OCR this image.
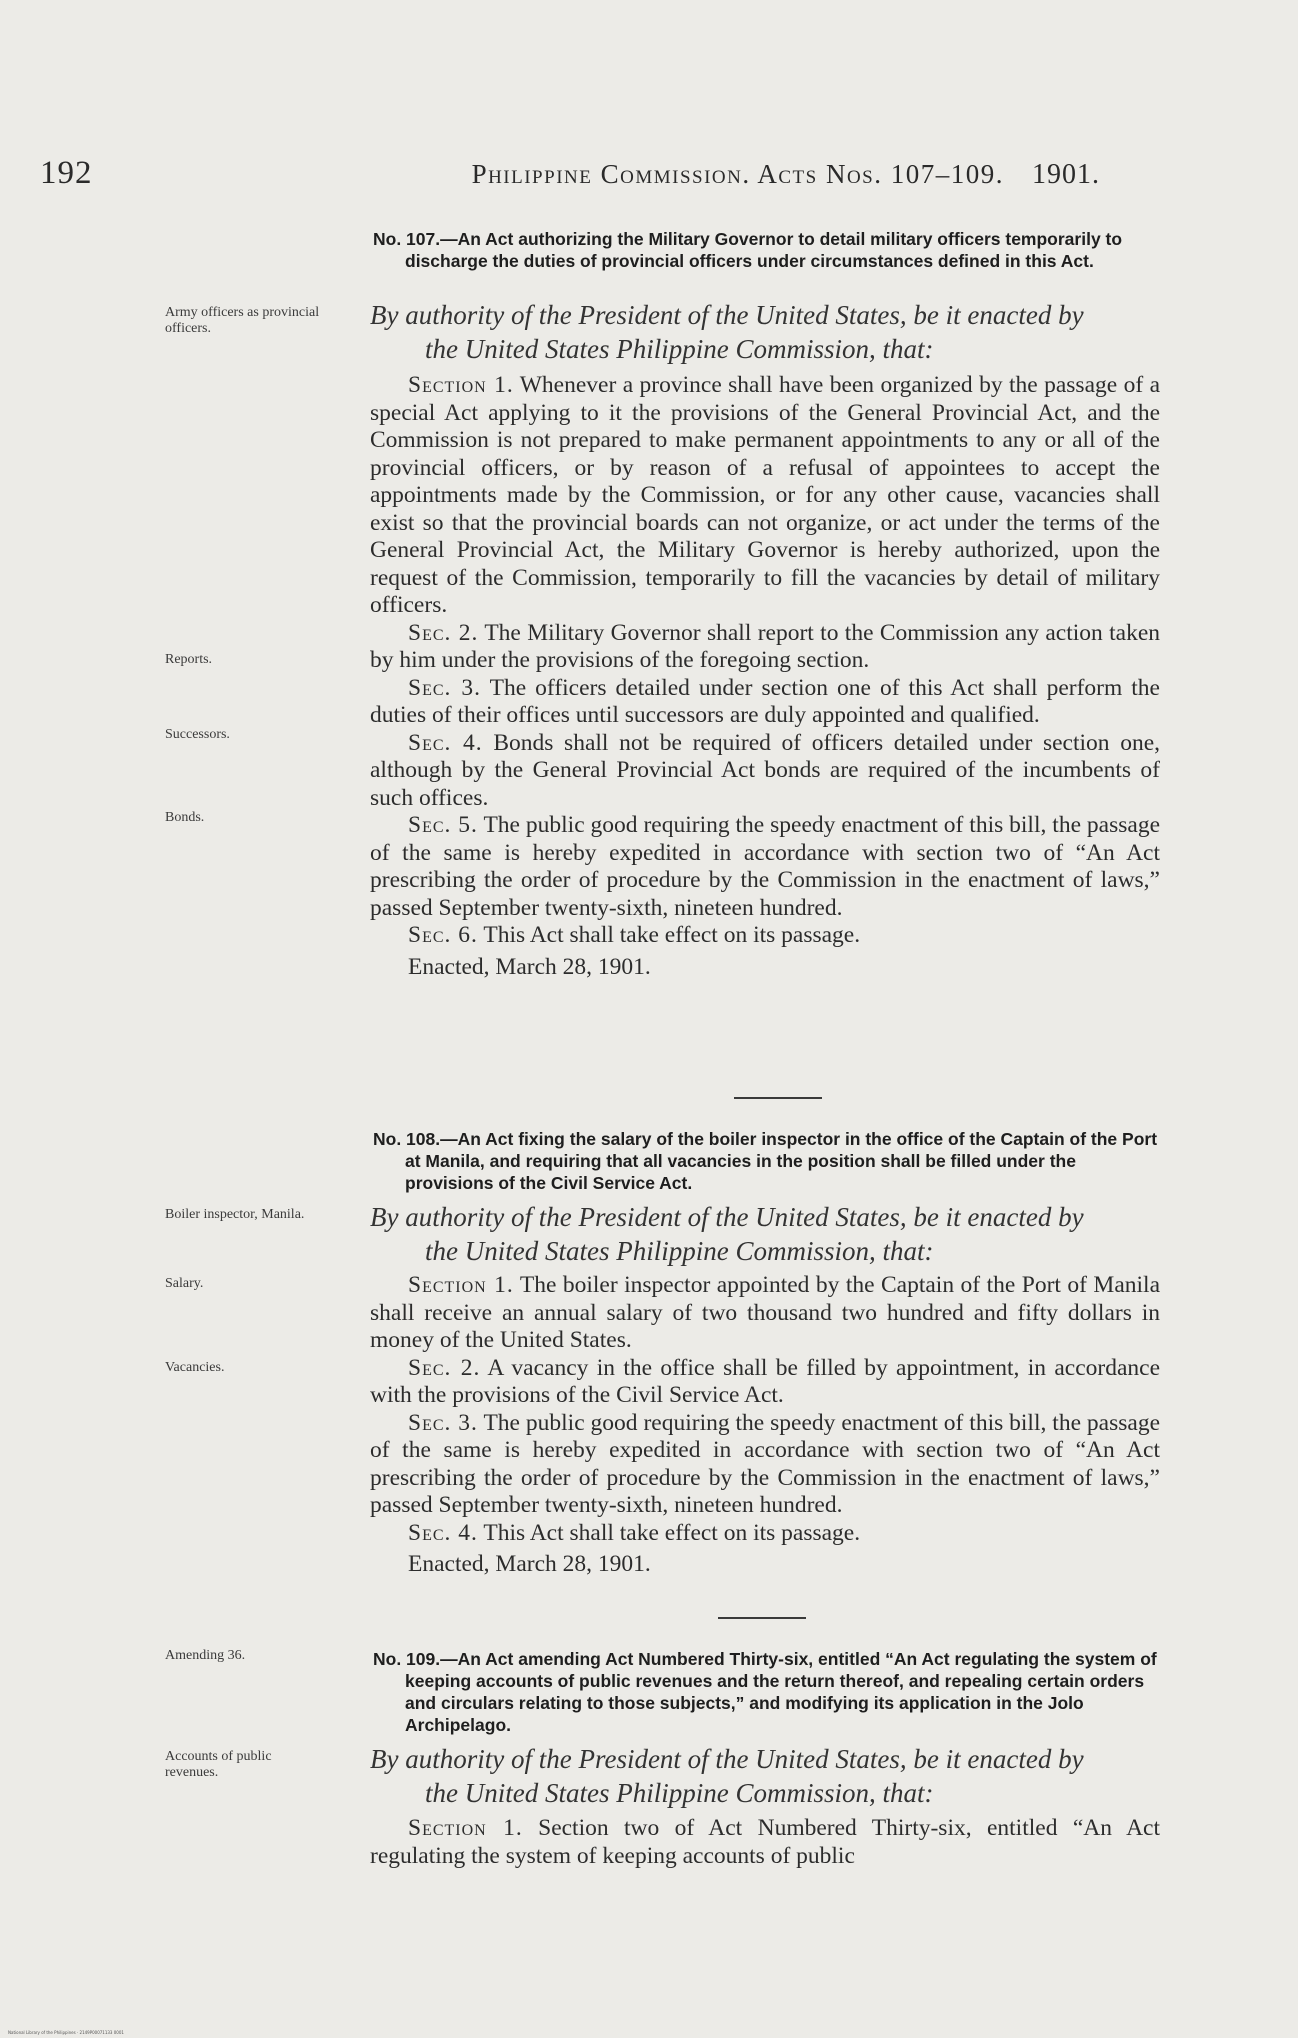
192	Philippine Commission. Acts Nos. 107–109. 1901.
No. 107.—An Act authorizing the Military Governor to detail military officers temporarily to discharge the duties of provincial officers under circumstances defined in this Act.
Army officers as provincial officers.	By authority of the President of the United States, be it enacted by
the United States Philippine Commission, that:
Reports.
Successors.
Bonds.

Section 1. Whenever a province shall have been organized by the passage of a special Act applying to it the provisions of the General Provincial Act, and the Commission is not prepared to make permanent appointments to any or all of the provincial officers, or by reason of a refusal of appointees to accept the appointments made by the Commission, or for any other cause, vacancies shall exist so that the provincial boards can not organize, or act under the terms of the General Provincial Act, the Military Governor is hereby authorized, upon the request of the Commission, temporarily to fill the vacancies by detail of military officers.

Sec. 2. The Military Governor shall report to the Commission any action taken by him under the provisions of the foregoing section.

Sec. 3. The officers detailed under section one of this Act shall perform the duties of their offices until successors are duly appointed and qualified.

Sec. 4. Bonds shall not be required of officers detailed under section one, although by the General Provincial Act bonds are required of the incumbents of such offices.

Sec. 5. The public good requiring the speedy enactment of this bill, the passage of the same is hereby expedited in accordance with section two of “An Act prescribing the order of procedure by the Commission in the enactment of laws,” passed September twenty-sixth, nineteen hundred.

Sec. 6. This Act shall take effect on its passage.

Enacted, March 28, 1901.

No. 108.—An Act fixing the salary of the boiler inspector in the office of the Captain of the Port at Manila, and requiring that all vacancies in the position shall be filled under the provisions of the Civil Service Act.
Boiler inspector, Manila.	By authority of the President of the United States, be it enacted by
the United States Philippine Commission, that:
Salary.
Vacancies.

Section 1. The boiler inspector appointed by the Captain of the Port of Manila shall receive an annual salary of two thousand two hundred and fifty dollars in money of the United States.

Sec. 2. A vacancy in the office shall be filled by appointment, in accordance with the provisions of the Civil Service Act.

Sec. 3. The public good requiring the speedy enactment of this bill, the passage of the same is hereby expedited in accordance with section two of “An Act prescribing the order of procedure by the Commission in the enactment of laws,” passed September twenty-sixth, nineteen hundred.

Sec. 4. This Act shall take effect on its passage.

Enacted, March 28, 1901.

Amending 36.	No. 109.—An Act amending Act Numbered Thirty-six, entitled “An Act regulating the system of keeping accounts of public revenues and the return thereof, and repealing certain orders and circulars relating to those subjects,” and modifying its application in the Jolo Archipelago.
Accounts of public revenues.	By authority of the President of the United States, be it enacted by
the United States Philippine Commission, that:

Section 1. Section two of Act Numbered Thirty-six, entitled “An Act regulating the system of keeping accounts of public

National Library of the Philippines · 2149P00071133 0001
